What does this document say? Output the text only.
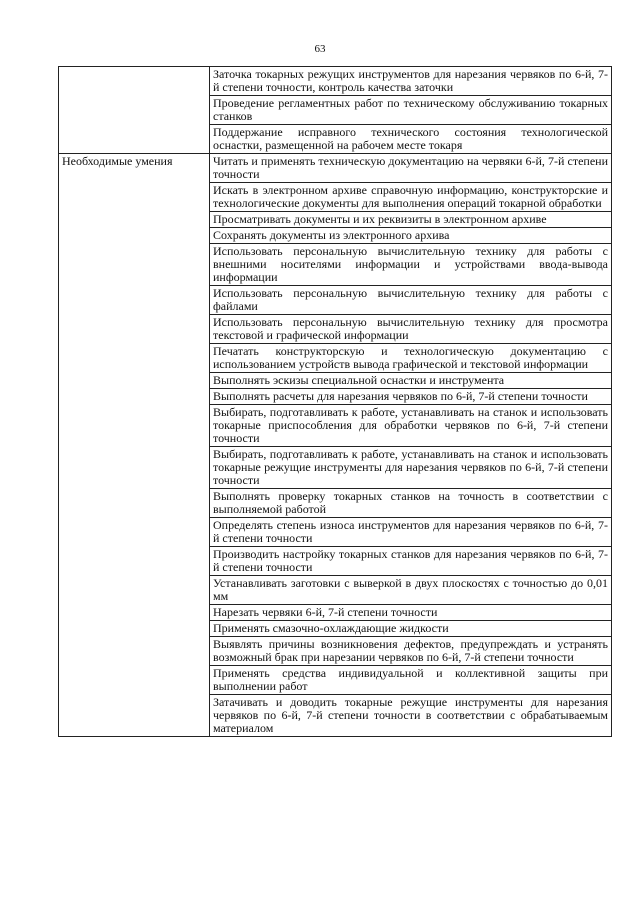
63
	Заточка токарных режущих инструментов для нарезания червяков по 6-й, 7-й степени точности, контроль качества заточки
	Проведение регламентных работ по техническому обслуживанию токарных станков
	Поддержание исправного технического состояния технологической оснастки, размещенной на рабочем месте токаря
Необходимые умения	Читать и применять техническую документацию на червяки 6-й, 7-й степени точности
	Искать в электронном архиве справочную информацию, конструкторские и технологические документы для выполнения операций токарной обработки
	Просматривать документы и их реквизиты в электронном архиве
	Сохранять документы из электронного архива
	Использовать персональную вычислительную технику для работы с внешними носителями информации и устройствами ввода-вывода информации
	Использовать персональную вычислительную технику для работы с файлами
	Использовать персональную вычислительную технику для просмотра текстовой и графической информации
	Печатать конструкторскую и технологическую документацию с использованием устройств вывода графической и текстовой информации
	Выполнять эскизы специальной оснастки и инструмента
	Выполнять расчеты для нарезания червяков по 6-й, 7-й степени точности
	Выбирать, подготавливать к работе, устанавливать на станок и использовать токарные приспособления для обработки червяков по 6-й, 7-й степени точности
	Выбирать, подготавливать к работе, устанавливать на станок и использовать токарные режущие инструменты для нарезания червяков по 6-й, 7-й степени точности
	Выполнять проверку токарных станков на точность в соответствии с выполняемой работой
	Определять степень износа инструментов для нарезания червяков по 6-й, 7-й степени точности
	Производить настройку токарных станков для нарезания червяков по 6-й, 7-й степени точности
	Устанавливать заготовки с выверкой в двух плоскостях с точностью до 0,01 мм
	Нарезать червяки 6-й, 7-й степени точности
	Применять смазочно-охлаждающие жидкости
	Выявлять причины возникновения дефектов, предупреждать и устранять возможный брак при нарезании червяков по 6-й, 7-й степени точности
	Применять средства индивидуальной и коллективной защиты при выполнении работ
	Затачивать и доводить токарные режущие инструменты для нарезания червяков по 6-й, 7-й степени точности в соответствии с обрабатываемым материалом
